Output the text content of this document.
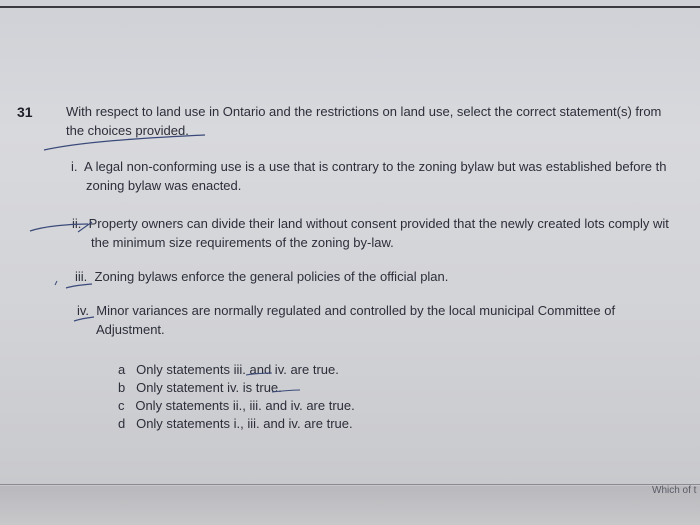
31	With respect to land use in Ontario and the restrictions on land use, select the correct statement(s) from
the choices provided.
i. A legal non-conforming use is a use that is contrary to the zoning bylaw but was established before th
zoning bylaw was enacted.
ii. Property owners can divide their land without consent provided that the newly created lots comply wit
the minimum size requirements of the zoning by-law.
iii. Zoning bylaws enforce the general policies of the official plan.
iv. Minor variances are normally regulated and controlled by the local municipal Committee of
Adjustment.
a Only statements iii. and iv. are true.
b Only statement iv. is true.
c Only statements ii., iii. and iv. are true.
d Only statements i., iii. and iv. are true.
Which of t
